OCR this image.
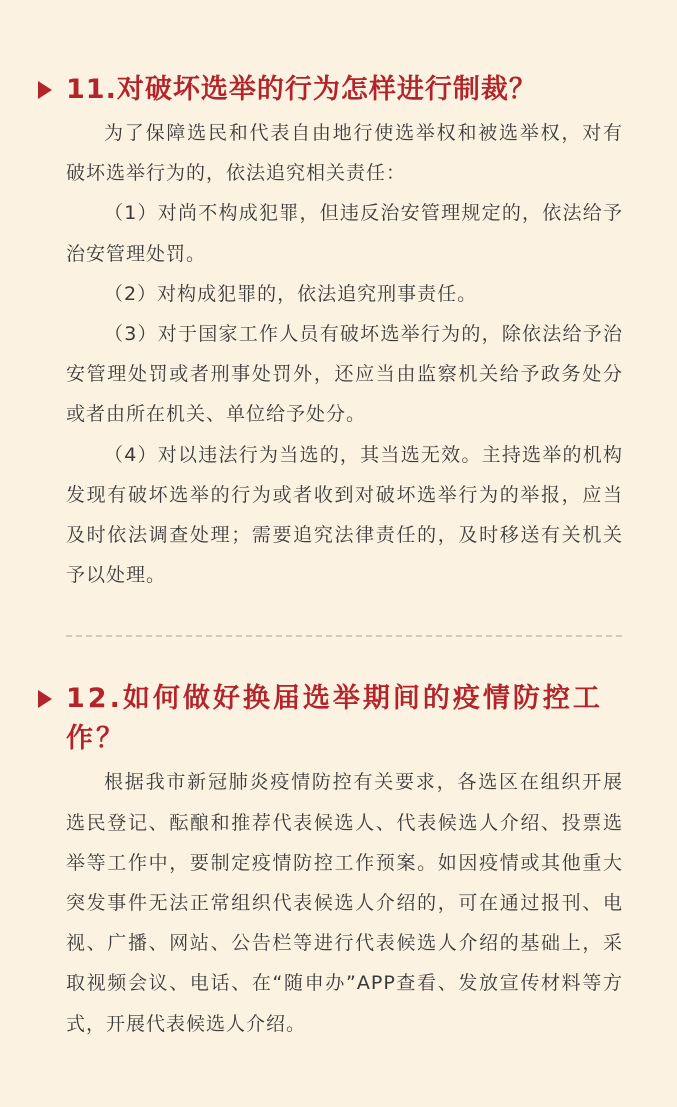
11.对破坏选举的行为怎样进行制裁？

为了保障选民和代表自由地行使选举权和被选举权，对有破坏选举行为的，依法追究相关责任：

（1）对尚不构成犯罪，但违反治安管理规定的，依法给予治安管理处罚。

（2）对构成犯罪的，依法追究刑事责任。

（3）对于国家工作人员有破坏选举行为的，除依法给予治安管理处罚或者刑事处罚外，还应当由监察机关给予政务处分或者由所在机关、单位给予处分。

（4）对以违法行为当选的，其当选无效。主持选举的机构发现有破坏选举的行为或者收到对破坏选举行为的举报，应当及时依法调查处理；需要追究法律责任的，及时移送有关机关予以处理。

12.如何做好换届选举期间的疫情防控工作？

根据我市新冠肺炎疫情防控有关要求，各选区在组织开展选民登记、酝酿和推荐代表候选人、代表候选人介绍、投票选举等工作中，要制定疫情防控工作预案。如因疫情或其他重大突发事件无法正常组织代表候选人介绍的，可在通过报刊、电视、广播、网站、公告栏等进行代表候选人介绍的基础上，采取视频会议、电话、在“随申办”APP查看、发放宣传材料等方式，开展代表候选人介绍。
